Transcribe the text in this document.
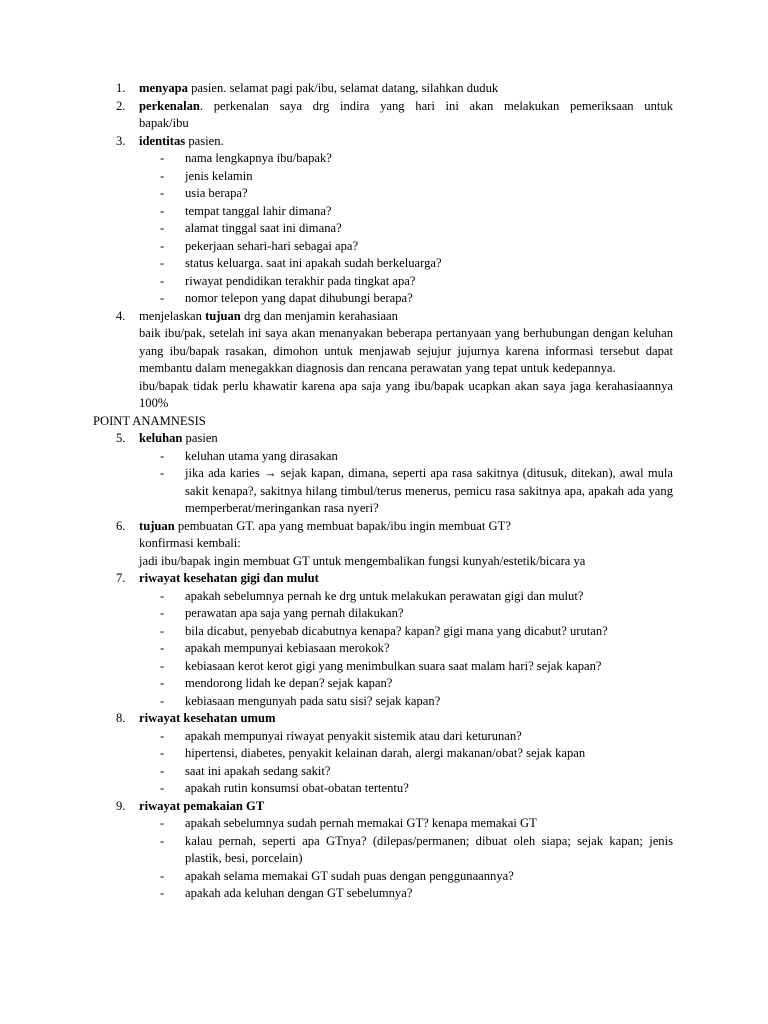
1.	menyapa pasien. selamat pagi pak/ibu, selamat datang, silahkan duduk
2.	perkenalan. perkenalan saya drg indira yang hari ini akan melakukan pemeriksaan untuk
bapak/ibu
3.	identitas pasien.
- nama lengkapnya ibu/bapak?
- jenis kelamin
- usia berapa?
- tempat tanggal lahir dimana?
- alamat tinggal saat ini dimana?
- pekerjaan sehari-hari sebagai apa?
- status keluarga. saat ini apakah sudah berkeluarga?
- riwayat pendidikan terakhir pada tingkat apa?
- nomor telepon yang dapat dihubungi berapa?
4.	menjelaskan tujuan drg dan menjamin kerahasiaan
baik ibu/pak, setelah ini saya akan menanyakan beberapa pertanyaan yang berhubungan dengan keluhan yang ibu/bapak rasakan, dimohon untuk menjawab sejujur jujurnya karena informasi tersebut dapat membantu dalam menegakkan diagnosis dan rencana perawatan yang tepat untuk kedepannya.
ibu/bapak tidak perlu khawatir karena apa saja yang ibu/bapak ucapkan akan saya jaga kerahasiaannya 100%
POINT ANAMNESIS
5.	keluhan pasien
- keluhan utama yang dirasakan
- jika ada karies → sejak kapan, dimana, seperti apa rasa sakitnya (ditusuk, ditekan), awal mula sakit kenapa?, sakitnya hilang timbul/terus menerus, pemicu rasa sakitnya apa, apakah ada yang memperberat/meringankan rasa nyeri?
6.	tujuan pembuatan GT. apa yang membuat bapak/ibu ingin membuat GT?
konfirmasi kembali:
jadi ibu/bapak ingin membuat GT untuk mengembalikan fungsi kunyah/estetik/bicara ya
7.	riwayat kesehatan gigi dan mulut
- apakah sebelumnya pernah ke drg untuk melakukan perawatan gigi dan mulut?
- perawatan apa saja yang pernah dilakukan?
- bila dicabut, penyebab dicabutnya kenapa? kapan? gigi mana yang dicabut? urutan?
- apakah mempunyai kebiasaan merokok?
- kebiasaan kerot kerot gigi yang menimbulkan suara saat malam hari? sejak kapan?
- mendorong lidah ke depan? sejak kapan?
- kebiasaan mengunyah pada satu sisi? sejak kapan?
8.	riwayat kesehatan umum
- apakah mempunyai riwayat penyakit sistemik atau dari keturunan?
- hipertensi, diabetes, penyakit kelainan darah, alergi makanan/obat? sejak kapan
- saat ini apakah sedang sakit?
- apakah rutin konsumsi obat-obatan tertentu?
9.	riwayat pemakaian GT
- apakah sebelumnya sudah pernah memakai GT? kenapa memakai GT
- kalau pernah, seperti apa GTnya? (dilepas/permanen; dibuat oleh siapa; sejak kapan; jenis plastik, besi, porcelain)
- apakah selama memakai GT sudah puas dengan penggunaannya?
- apakah ada keluhan dengan GT sebelumnya?
